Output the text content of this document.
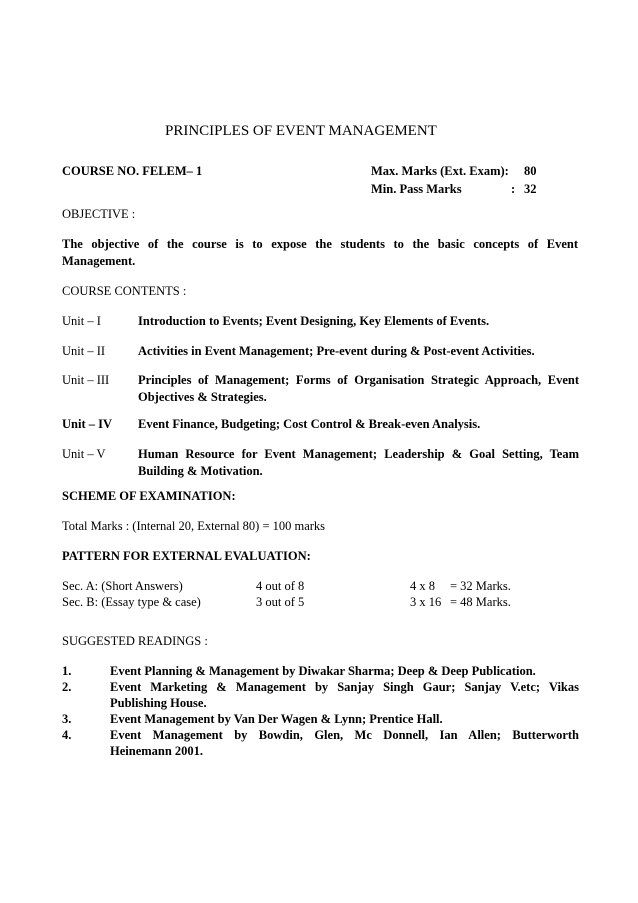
PRINCIPLES OF EVENT MANAGEMENT
COURSE NO. FELEM– 1	Max. Marks (Ext. Exam): 80
Min. Pass Marks	: 32
OBJECTIVE :
The objective of the course is to expose the students to the basic concepts of Event
Management.
COURSE CONTENTS :
Unit – I	Introduction to Events; Event Designing, Key Elements of Events.
Unit – II	Activities in Event Management; Pre-event during & Post-event Activities.
Unit – III Principles of Management; Forms of Organisation Strategic Approach, Event
Objectives & Strategies.
Unit – IV Event Finance, Budgeting; Cost Control & Break-even Analysis.
Unit – V	Human Resource for Event Management; Leadership & Goal Setting, Team
Building & Motivation.
SCHEME OF EXAMINATION:
Total Marks : (Internal 20, External 80) = 100 marks
PATTERN FOR EXTERNAL EVALUATION:
Sec. A: (Short Answers)	4 out of 8	4 x 8 = 32 Marks.
Sec. B: (Essay type & case)	3 out of 5	3 x 16 = 48 Marks.
SUGGESTED READINGS :
1.	Event Planning & Management by Diwakar Sharma; Deep & Deep Publication.
2.	Event Marketing & Management by Sanjay Singh Gaur; Sanjay V.etc; Vikas
Publishing House.
3.	Event Management by Van Der Wagen & Lynn; Prentice Hall.
4.	Event Management by Bowdin, Glen, Mc Donnell, Ian Allen; Butterworth
Heinemann 2001.
